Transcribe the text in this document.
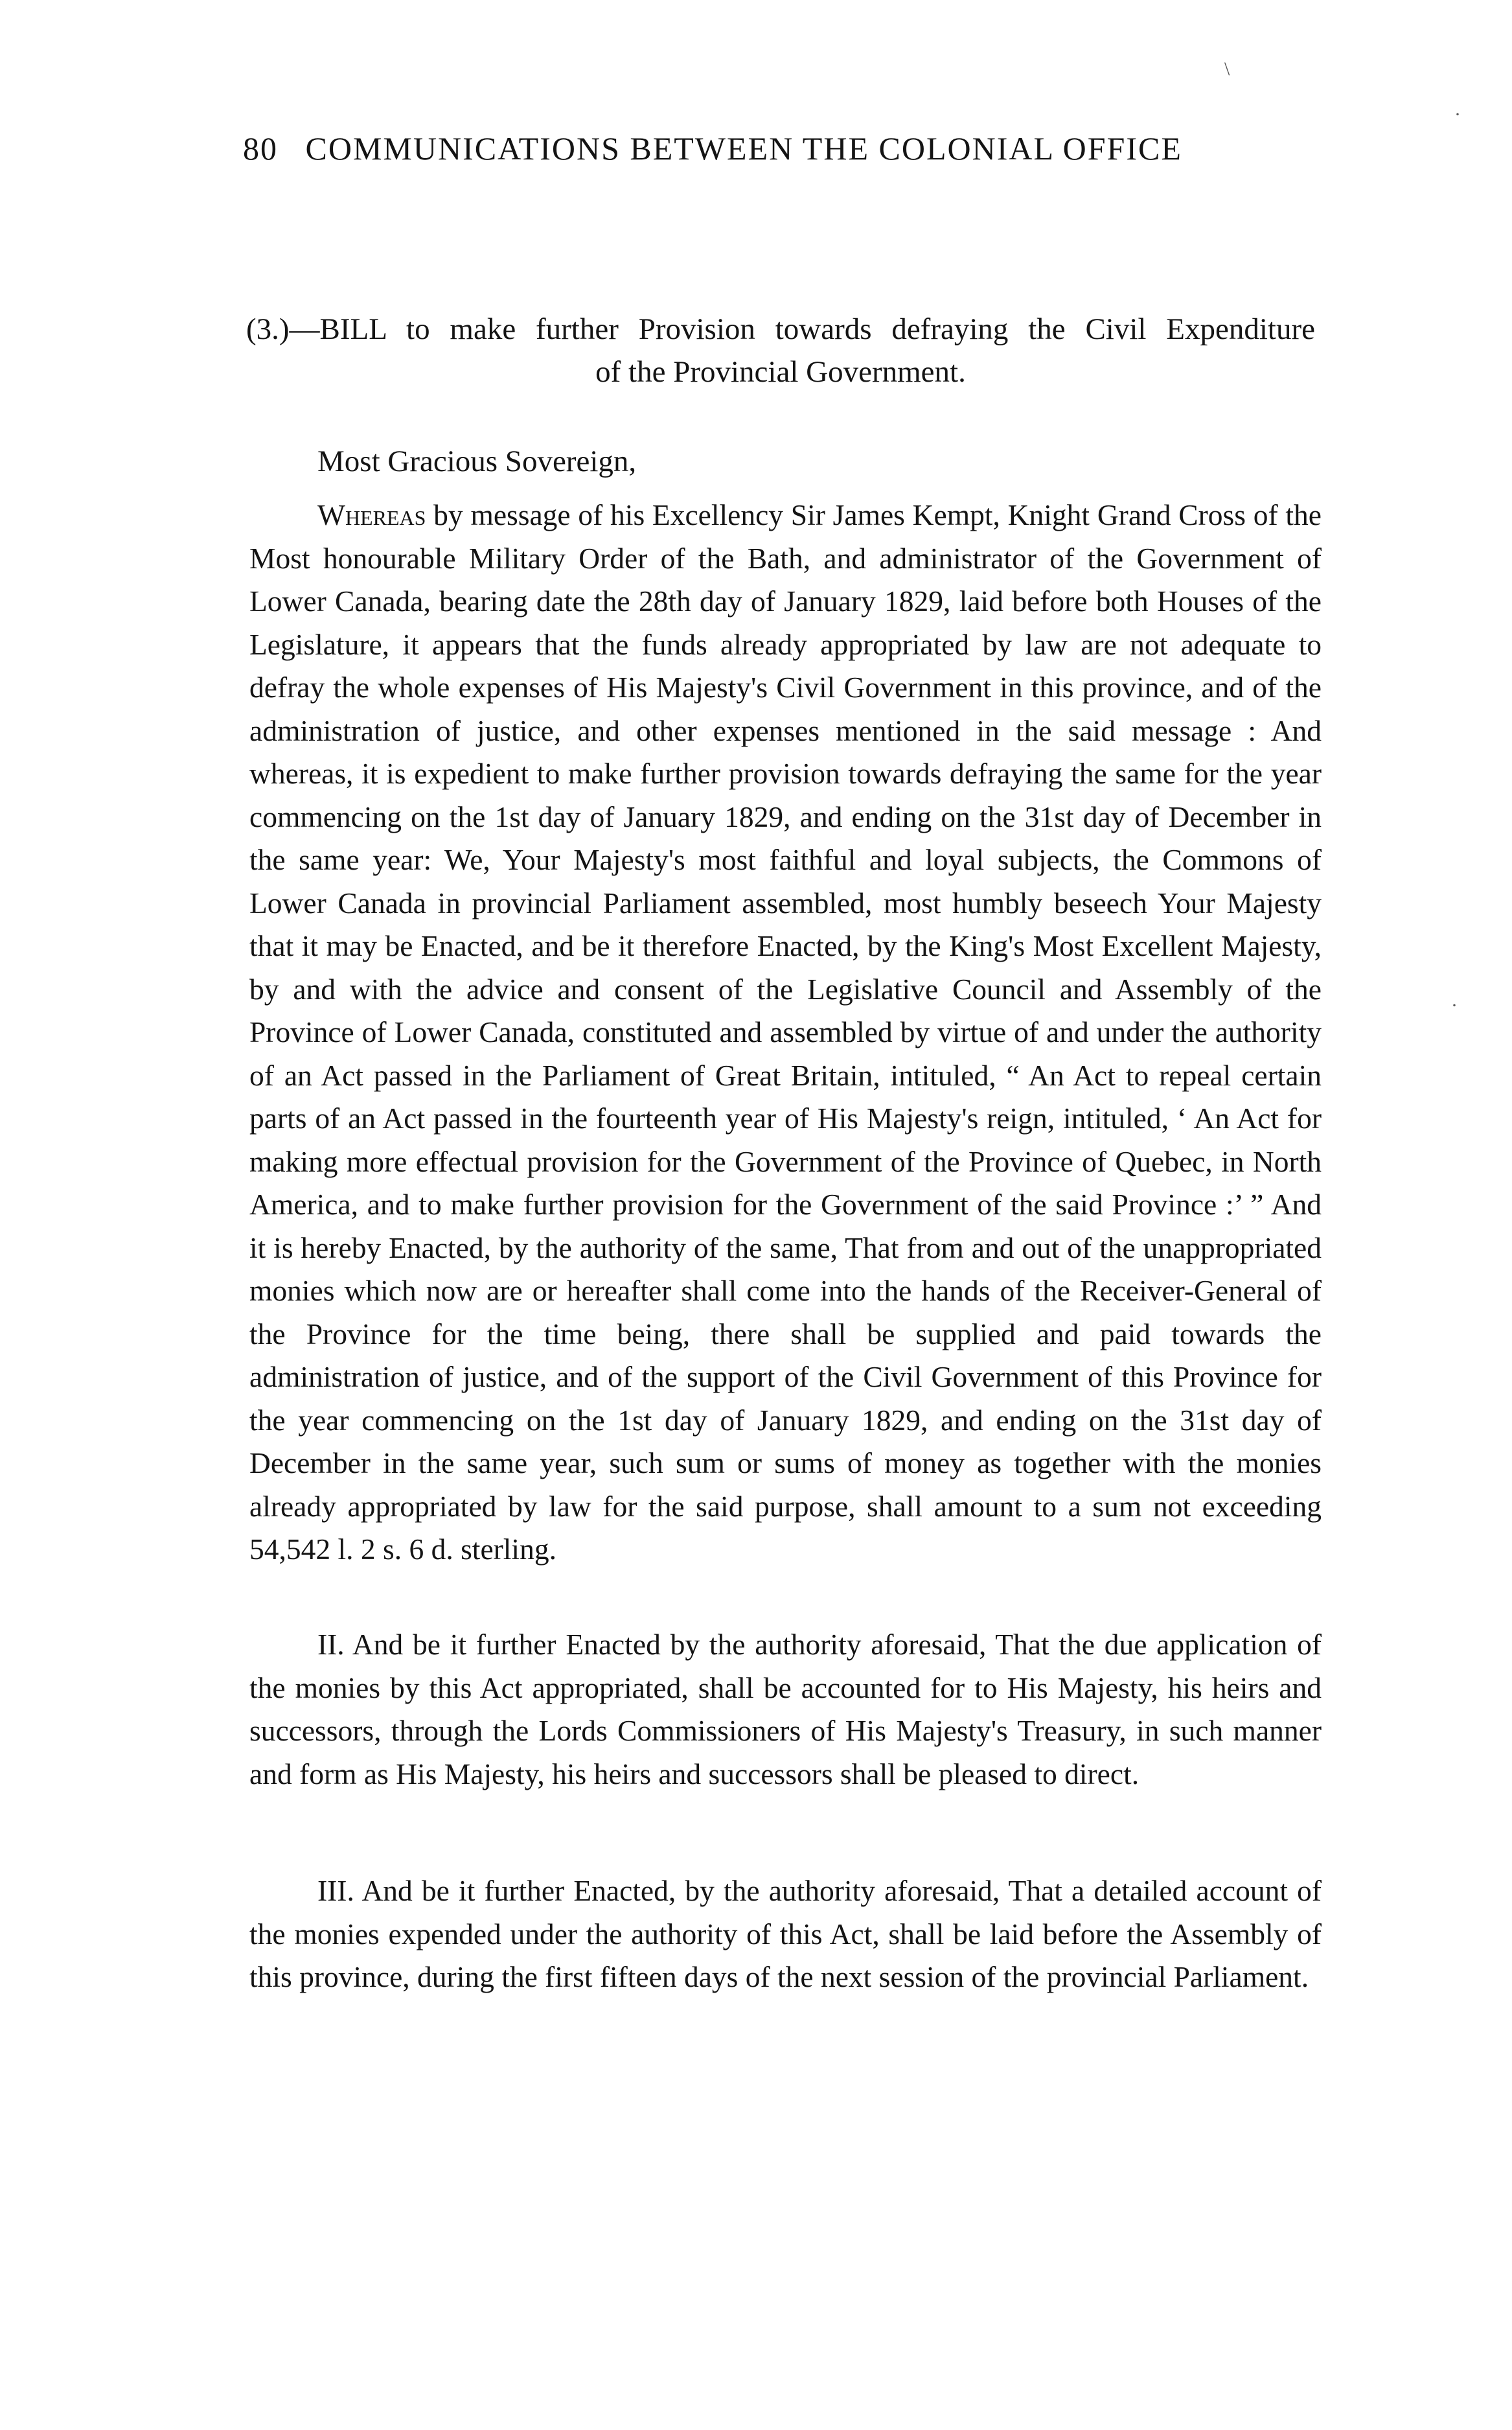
80 COMMUNICATIONS BETWEEN THE COLONIAL OFFICE
(3.)—BILL to make further Provision towards defraying the Civil Expenditure
of the Provincial Government.
Most Gracious Sovereign,

Whereas by message of his Excellency Sir James Kempt, Knight Grand Cross of the Most honourable Military Order of the Bath, and administrator of the Government of Lower Canada, bearing date the 28th day of January 1829, laid before both Houses of the Legislature, it appears that the funds already appropriated by law are not adequate to defray the whole expenses of His Majesty's Civil Government in this province, and of the administration of justice, and other expenses mentioned in the said message : And whereas, it is expedient to make further provision towards defraying the same for the year commencing on the 1st day of January 1829, and ending on the 31st day of December in the same year: We, Your Majesty's most faithful and loyal subjects, the Commons of Lower Canada in provincial Parliament assembled, most humbly beseech Your Majesty that it may be Enacted, and be it therefore Enacted, by the King's Most Excellent Majesty, by and with the advice and consent of the Legislative Council and Assembly of the Province of Lower Canada, constituted and assembled by virtue of and under the authority of an Act passed in the Parliament of Great Britain, intituled, “ An Act to repeal certain parts of an Act passed in the fourteenth year of His Majesty's reign, intituled, ‘ An Act for making more effectual provision for the Government of the Province of Quebec, in North America, and to make further provision for the Government of the said Province :’ ” And it is hereby Enacted, by the authority of the same, That from and out of the unappropriated monies which now are or hereafter shall come into the hands of the Receiver-General of the Province for the time being, there shall be supplied and paid towards the administration of justice, and of the support of the Civil Government of this Province for the year commencing on the 1st day of January 1829, and ending on the 31st day of December in the same year, such sum or sums of money as together with the monies already appropriated by law for the said purpose, shall amount to a sum not exceeding 54,542 l. 2 s. 6 d. sterling.

II. And be it further Enacted by the authority aforesaid, That the due application of the monies by this Act appropriated, shall be accounted for to His Majesty, his heirs and successors, through the Lords Commissioners of His Majesty's Treasury, in such manner and form as His Majesty, his heirs and successors shall be pleased to direct.

III. And be it further Enacted, by the authority aforesaid, That a detailed account of the monies expended under the authority of this Act, shall be laid before the Assembly of this province, during the first fifteen days of the next session of the provincial Parliament.

·
\
·
